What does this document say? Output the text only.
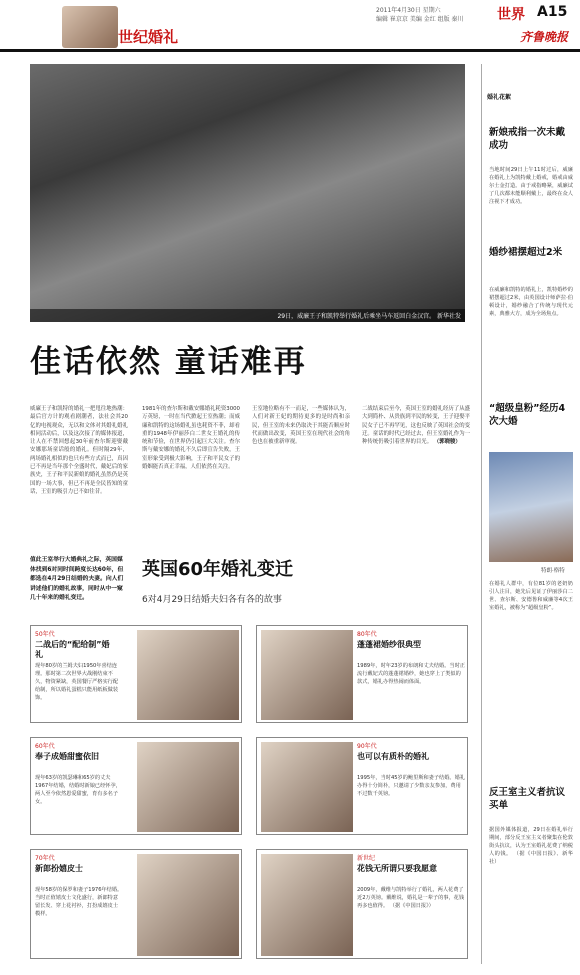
世纪婚礼
2011年4月30日 星期六
编辑 崔京京 美编 金红 组版 秦川	世界 A15
齐鲁晚报
29日，威廉王子和凯特举行婚礼后乘坐马车返回白金汉宫。 新华社发
佳话依然 童话难再
威廉王子和凯特的婚礼一把甩往地热潮：最后官方计的观看剧潮者，法社会其20亿的电视观众，无以和文体对其婚礼婚礼相同活动后，以及这次接了的媒体报道，让人在不禁回想起30年前查尔斯迎娶戴安娜那场童话般的婚礼。但时隔29年，两场婚礼相似的也只有些方式而已，真因已不再是当年那个全盛时代，戴妃后的家族史，王子和平民新娘的婚礼虽然仍是英国的一场大事，但已不再是全民皆知的童话，王室的吸引力已不如往昔。
1981年的查尔斯和戴安娜婚礼耗资3000万英镑，一时在当代掀起王室热潮；而威廉和凯特的这场婚礼虽也耗资不菲，却看重的1948年伊丽莎白二世女王婚礼的传统和节俭，在世界仍引起巨大关注。查尔斯与戴安娜的婚礼不久后即宣告失败，王室形象受到极大影响，王子和平民女子的婚姻能否真正幸福，人们依然在关注。
王室地位略有不一而足，一些媒体认为，人们对新王妃的期待更多的是时尚和亲民，但王室的未来仍取决于其能否顺应时代而做出改变，英国王室在现代社会的角色也在被重新审视。
二战结束后至今，英国王室的婚礼经历了从盛大到简朴、从贵族到平民的转变，王子迎娶平民女子已不再罕见，这也反映了英国社会的变迁。童话的时代已经过去，但王室婚礼作为一种传统仍吸引着世界的目光。 （郭晓骏）
值此王室举行大婚典礼之际，英国媒体找到6对同时间跨度长达60年，但都选在4月29日结婚的夫妻。向人们讲述他们的婚礼故事，同时从中一窥几十年来的婚礼变迁。
英国60年婚礼变迁
6对4月29日结婚夫妇各有各的故事
50年代
二战后的“配给制”婚礼
现年80岁的兰姆夫妇1950年喜结连理。那时第二次世界大战刚结束不久，物资紧缺，英国餐厅严格实行配给制，所以婚礼蛋糕只能用纸板做装饰。
80年代
蓬蓬裙婚纱很典型
1989年，时年23岁的布朗和丈夫结婚。当时正流行戴妃式的蓬蓬裙婚纱，她也穿上了类似的款式，婚礼办得热闹而体面。
60年代
奉子成婚甜蜜依旧
现年63岁的凯瑟琳和65岁的丈夫1967年结婚，结婚时新娘已经怀孕，两人至今依然恩爱甜蜜，育有多名子女。
90年代
也可以有质朴的婚礼
1995年，当时45岁的鲍里斯和妻子结婚。婚礼办得十分简朴，只邀请了少数亲友参加，费用不过数千英镑。
70年代
新郎扮嬉皮士
现年58岁的保罗和妻子1976年结婚。当时正值嬉皮士文化盛行，新郎特意留长发、穿上花衬衫，打扮成嬉皮士模样。
新世纪
花钱无所谓只要我愿意
2009年，戴维与凯特举行了婚礼，两人花费了近2万英镑。戴维说，婚礼是一辈子的事，花钱再多也值得。 （据《中国日报》）
婚礼花絮
新娘戒指一次未戴成功
当地时间29日上午11时过后，威廉在婚礼上为凯特戴上婚戒，婚戒由威尔士金打造。由于戒指略紧，威廉试了几次都未能顺利戴上，最终在众人注视下才成功。
婚纱裙摆超过2米
在威廉和凯特的婚礼上，凯特婚纱的裙摆超过2米，由英国设计师萨拉·伯顿设计，婚纱融合了传统与现代元素，典雅大方，成为全场焦点。
“超级皇粉”经历4次大婚
特朗·格特
在婚礼人群中，有位81岁的老奶奶引人注目，她先后见证了伊丽莎白二世、查尔斯、安德鲁和威廉等4次王室婚礼，被称为“超级皇粉”。
反王室主义者抗议买单
据国外媒体报道，29日在婚礼举行期间，部分反王室主义者聚集在伦敦街头抗议，认为王室婚礼花费了纳税人的钱。 （据《中国日报》、新华社）
